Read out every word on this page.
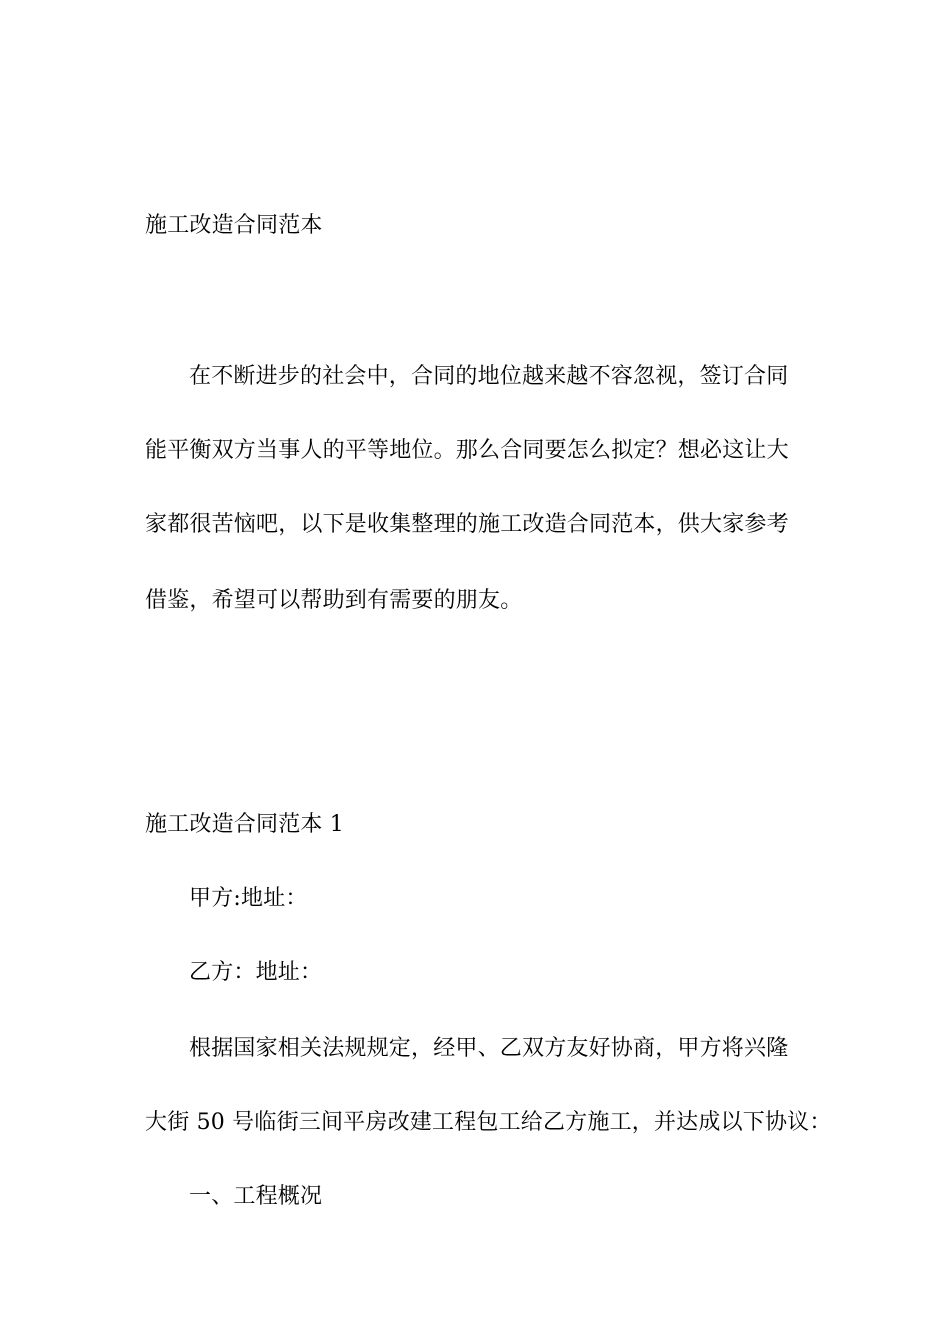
施工改造合同范本
在不断进步的社会中，合同的地位越来越不容忽视，签订合同
能平衡双方当事人的平等地位。那么合同要怎么拟定？想必这让大
家都很苦恼吧，以下是收集整理的施工改造合同范本，供大家参考
借鉴，希望可以帮助到有需要的朋友。
施工改造合同范本 1
甲方:地址：
乙方：地址：
根据国家相关法规规定，经甲、乙双方友好协商，甲方将兴隆
大街 50 号临街三间平房改建工程包工给乙方施工，并达成以下协议：
一、工程概况
